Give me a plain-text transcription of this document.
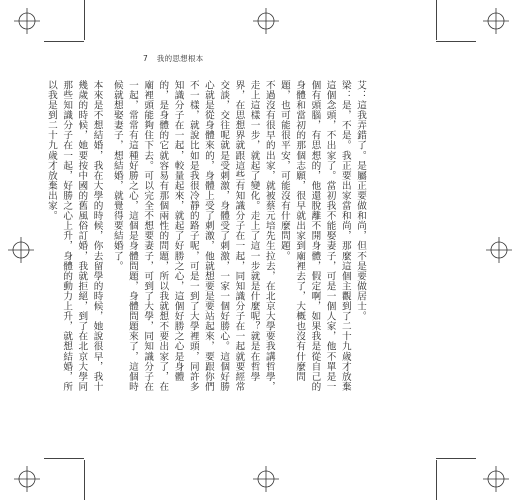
7 我的思想根本

艾：這我弄錯了。是屬正要做和尚，但不是要做居士。

梁：是，不是。我正要出家當和尚，那麼這個主觀到了二十九歲才放棄這個念頭，不出家了。當初我不能娶妻子，可是一個人家，他不單是一個有頭腦，有思想的，他還脫離不開身體，假定啊，如果我是從自己的身體和當初的那個志願，很早就出家到廟裡去了，大概也沒有什麼問題，也可能很平安，可能沒有什麼問題。

不過沒有很早的出家，就被蔡元培先生拉去，在北京大學要我講哲學，走上這樣一步，就起了變化。走上了這一步就是什麼呢？就是在哲學界，在思想界就跟這些有知識分子在一起，同知識分子在一起就要經常交談，交往呢就是受刺激，身體受了刺激，一家一個好勝心。這個好勝心就是從身體來的，身體上受了刺激，他就想要是要站起來，要跟你們不一樣，就說比如是我很冷靜的路子呢，可是一到了大學裡頭，同許多知識分子在一起，較量起來，就起了好勝之心，這個好勝之心是身體的，是身體的它就容易有那個兩性的問題，所以我就想不要出家了，在廟裡頭能夠住下去。可以完全不想要妻子，可到了大學，同知識分子在一起，常常有這種好勝之心，這個是身體問題，身體問題來了，這個時候就想娶妻子，想結婚，就覺得要結婚了。

本來是不想結婚，我在大學的時候，你去留學的時候，她說很早，我十幾歲的時候，她要按中國的舊風俗訂婚，我就拒絕，到了在北京大學同那些知識分子在一起，好勝之心上升，身體的動力上升，就想結婚，所以我是到二十九歲才放棄出家。
